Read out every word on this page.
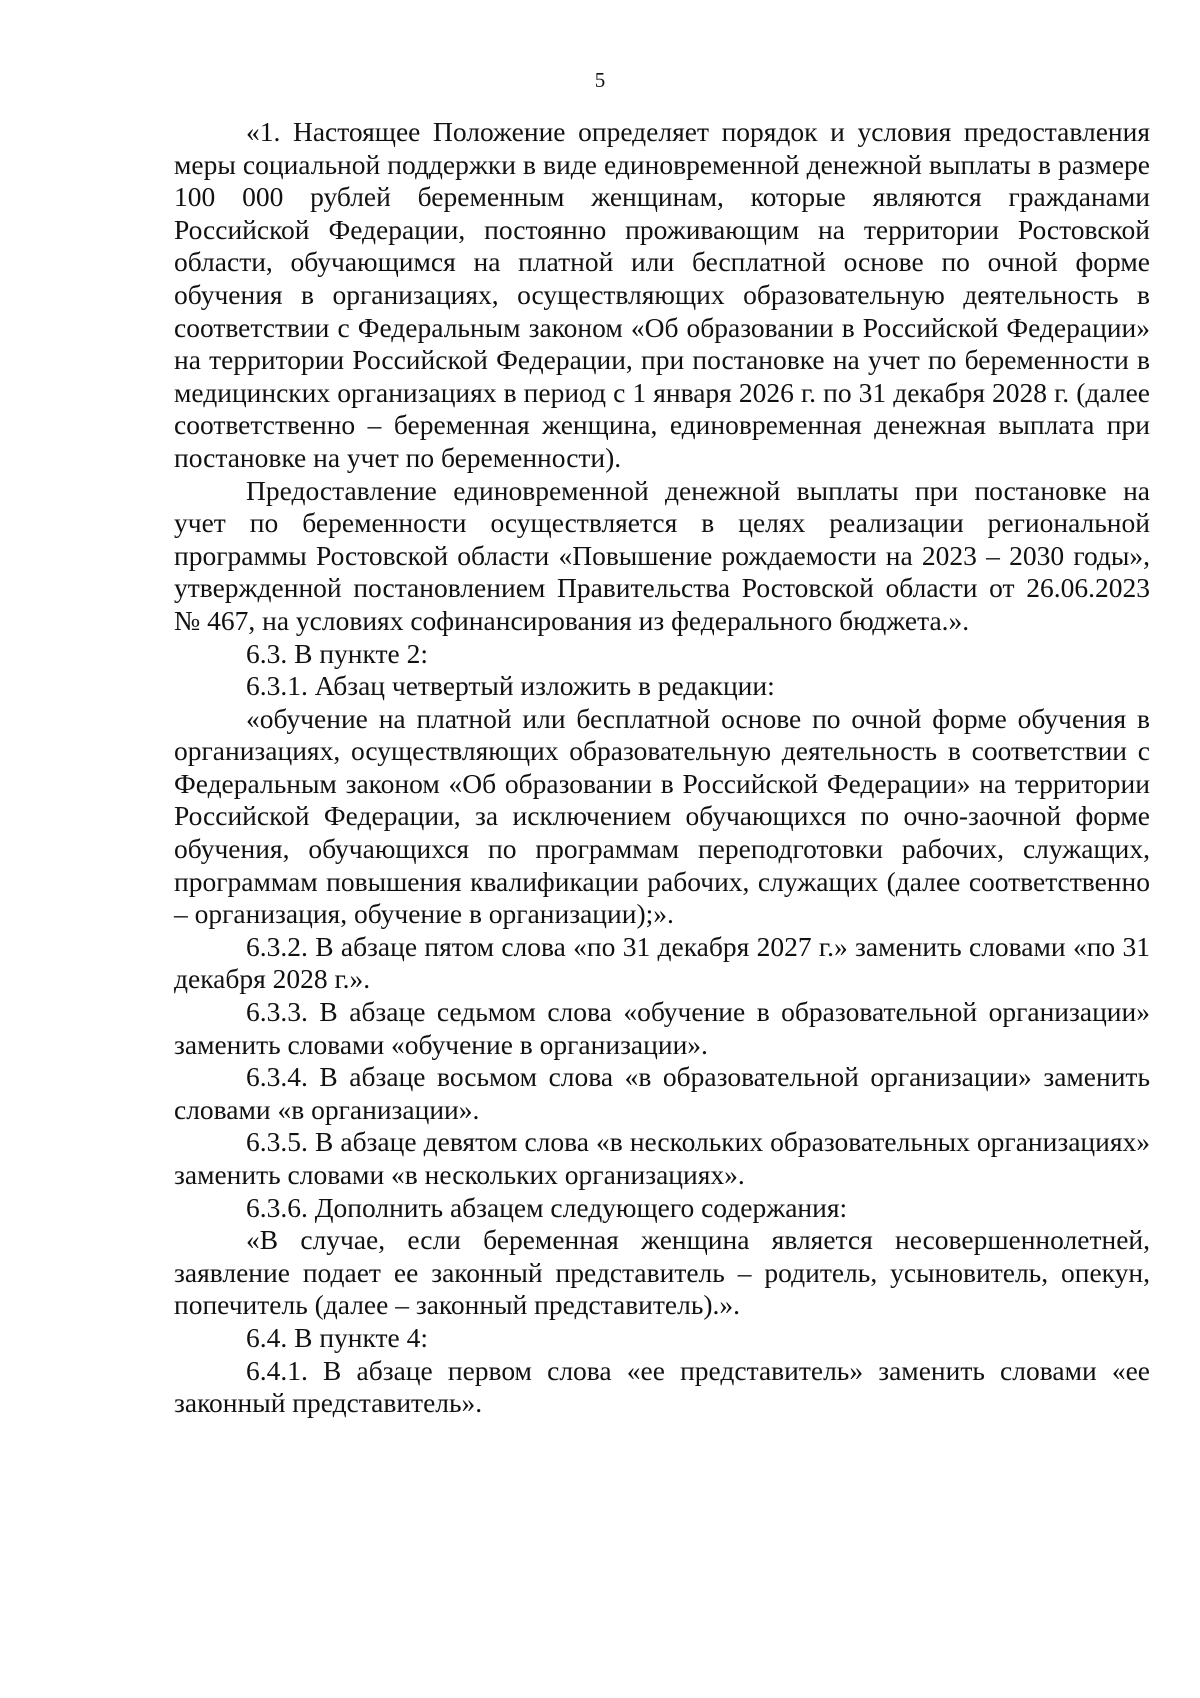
5

«1. Настоящее Положение определяет порядок и условия предоставления меры социальной поддержки в виде единовременной денежной выплаты в размере 100 000 рублей беременным женщинам, которые являются гражданами Российской Федерации, постоянно проживающим на территории Ростовской области, обучающимся на платной или бесплатной основе по очной форме обучения в организациях, осуществляющих образовательную деятельность в соответствии с Федеральным законом «Об образовании в Российской Федерации» на территории Российской Федерации, при постановке на учет по беременности в медицинских организациях в период с 1 января 2026 г. по 31 декабря 2028 г. (далее соответственно – беременная женщина, единовременная денежная выплата при постановке на учет по беременности).

Предоставление единовременной денежной выплаты при постановке на учет по беременности осуществляется в целях реализации региональной программы Ростовской области «Повышение рождаемости на 2023 – 2030 годы», утвержденной постановлением Правительства Ростовской области от 26.06.2023 № 467, на условиях софинансирования из федерального бюджета.».

6.3. В пункте 2:

6.3.1. Абзац четвертый изложить в редакции:

«обучение на платной или бесплатной основе по очной форме обучения в организациях, осуществляющих образовательную деятельность в соответствии с Федеральным законом «Об образовании в Российской Федерации» на территории Российской Федерации, за исключением обучающихся по очно-заочной форме обучения, обучающихся по программам переподготовки рабочих, служащих, программам повышения квалификации рабочих, служащих (далее соответственно – организация, обучение в организации);».

6.3.2. В абзаце пятом слова «по 31 декабря 2027 г.» заменить словами «по 31 декабря 2028 г.».

6.3.3. В абзаце седьмом слова «обучение в образовательной организации» заменить словами «обучение в организации».

6.3.4. В абзаце восьмом слова «в образовательной организации» заменить словами «в организации».

6.3.5. В абзаце девятом слова «в нескольких образовательных организациях» заменить словами «в нескольких организациях».

6.3.6. Дополнить абзацем следующего содержания:

«В случае, если беременная женщина является несовершеннолетней, заявление подает ее законный представитель – родитель, усыновитель, опекун, попечитель (далее – законный представитель).».

6.4. В пункте 4:

6.4.1. В абзаце первом слова «ее представитель» заменить словами «ее законный представитель».
